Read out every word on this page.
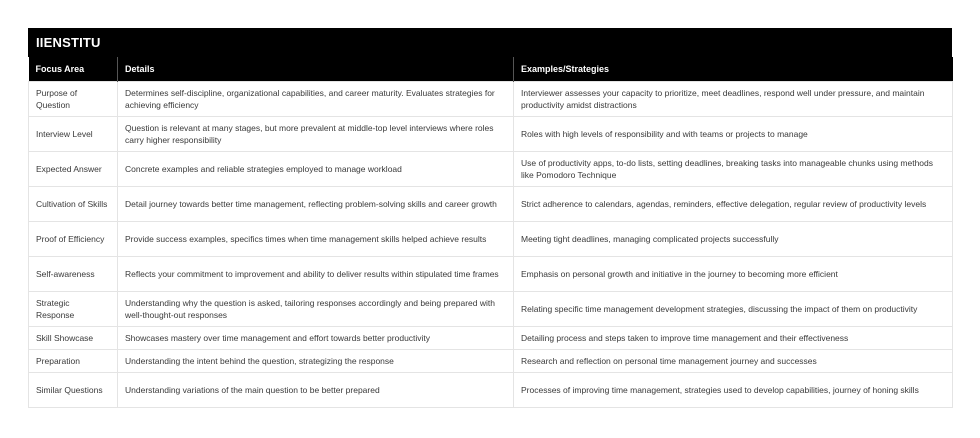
IIENSTITU
Focus Area	Details	Examples/Strategies
Purpose of Question	Determines self-discipline, organizational capabilities, and career maturity. Evaluates strategies for achieving efficiency	Interviewer assesses your capacity to prioritize, meet deadlines, respond well under pressure, and maintain productivity amidst distractions
Interview Level	Question is relevant at many stages, but more prevalent at middle-top level interviews where roles carry higher responsibility	Roles with high levels of responsibility and with teams or projects to manage
Expected Answer	Concrete examples and reliable strategies employed to manage workload	Use of productivity apps, to-do lists, setting deadlines, breaking tasks into manageable chunks using methods like Pomodoro Technique
Cultivation of Skills	Detail journey towards better time management, reflecting problem-solving skills and career growth	Strict adherence to calendars, agendas, reminders, effective delegation, regular review of productivity levels
Proof of Efficiency	Provide success examples, specifics times when time management skills helped achieve results	Meeting tight deadlines, managing complicated projects successfully
Self-awareness	Reflects your commitment to improvement and ability to deliver results within stipulated time frames	Emphasis on personal growth and initiative in the journey to becoming more efficient
Strategic Response	Understanding why the question is asked, tailoring responses accordingly and being prepared with well-thought-out responses	Relating specific time management development strategies, discussing the impact of them on productivity
Skill Showcase	Showcases mastery over time management and effort towards better productivity	Detailing process and steps taken to improve time management and their effectiveness
Preparation	Understanding the intent behind the question, strategizing the response	Research and reflection on personal time management journey and successes
Similar Questions	Understanding variations of the main question to be better prepared	Processes of improving time management, strategies used to develop capabilities, journey of honing skills
